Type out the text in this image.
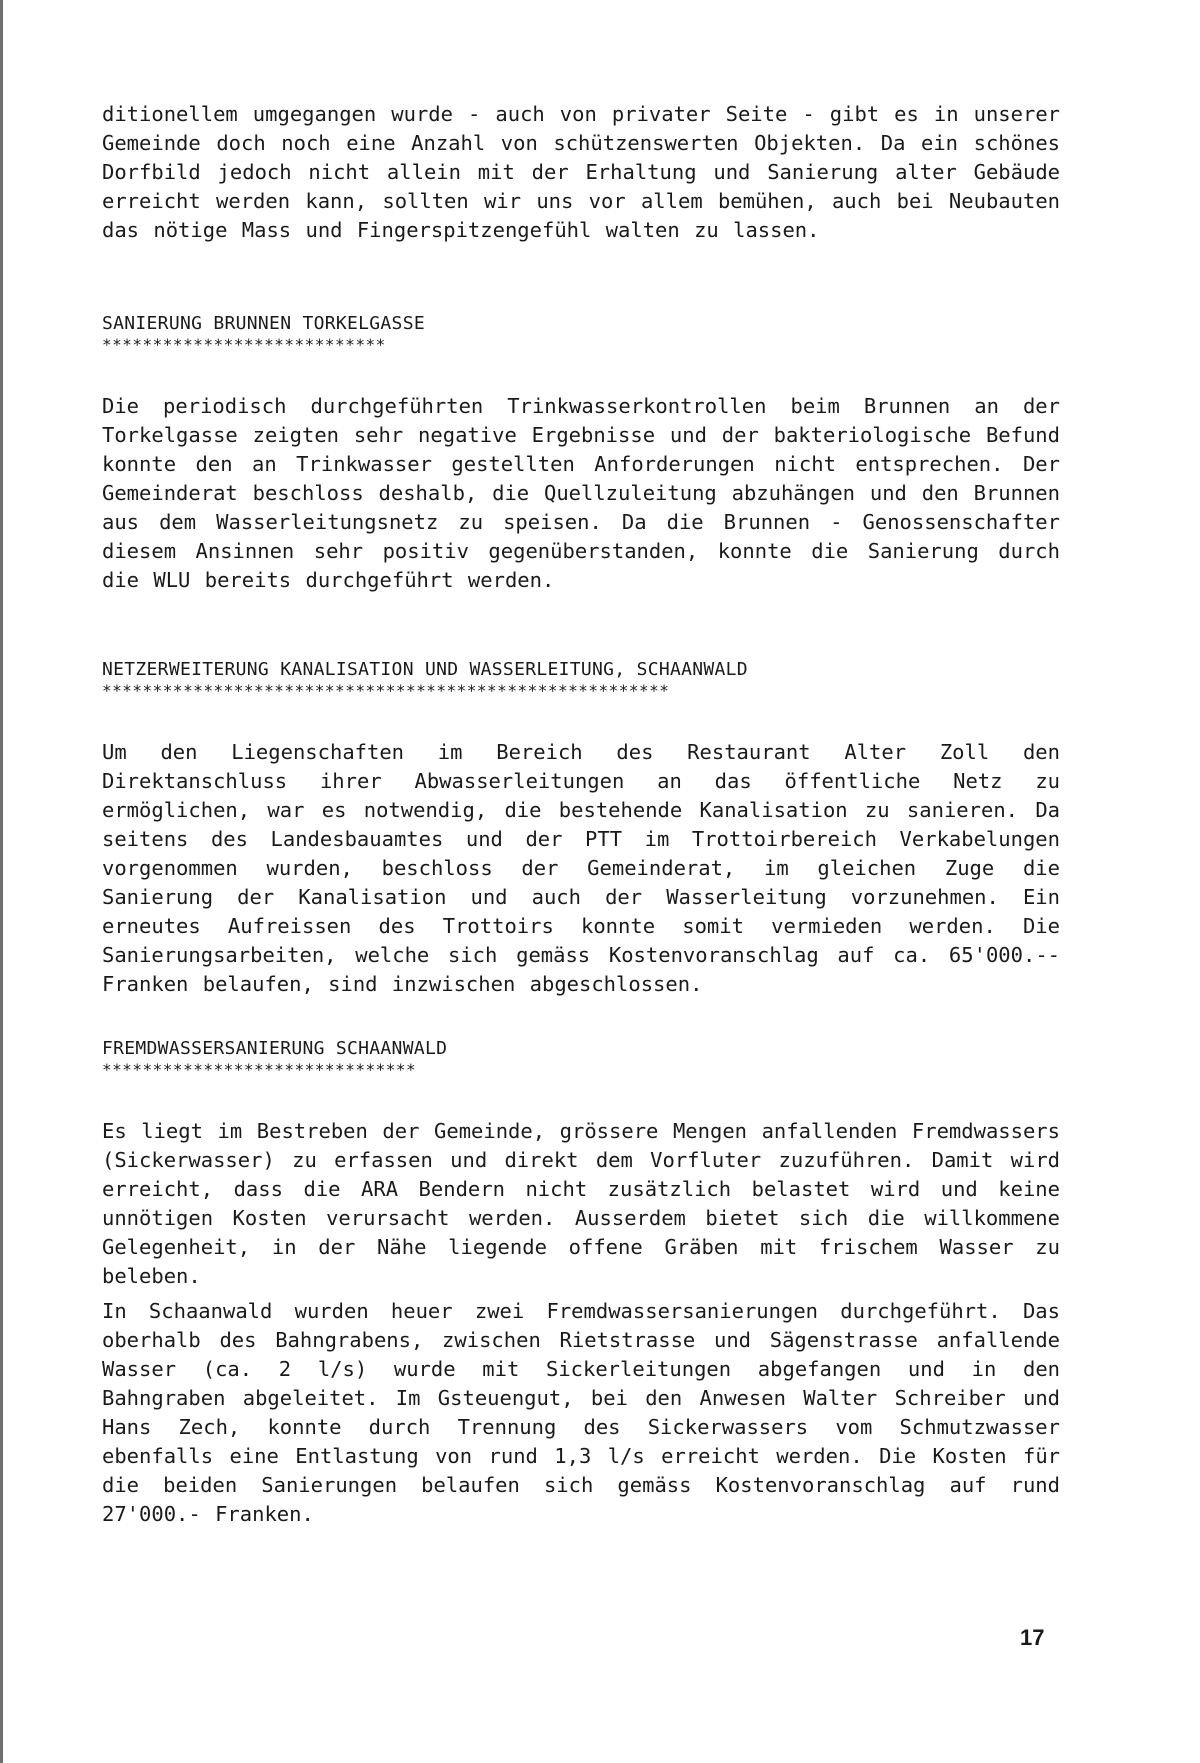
ditionellem umgegangen wurde - auch von privater Seite - gibt es in unserer Gemeinde doch noch eine Anzahl von schützenswerten Objekten. Da ein schönes Dorfbild jedoch nicht allein mit der Erhaltung und Sanierung alter Gebäude erreicht werden kann, sollten wir uns vor allem bemühen, auch bei Neubauten das nötige Mass und Fingerspitzengefühl walten zu lassen.

SANIERUNG BRUNNEN TORKELGASSE
****************************

Die periodisch durchgeführten Trinkwasserkontrollen beim Brunnen an der Torkelgasse zeigten sehr negative Ergebnisse und der bakteriologische Befund konnte den an Trinkwasser gestellten Anforderungen nicht entsprechen. Der Gemeinderat beschloss deshalb, die Quellzuleitung abzuhängen und den Brunnen aus dem Wasserleitungsnetz zu speisen. Da die Brunnen - Genossenschafter diesem Ansinnen sehr positiv gegenüberstanden, konnte die Sanierung durch die WLU bereits durchgeführt werden.

NETZERWEITERUNG KANALISATION UND WASSERLEITUNG, SCHAANWALD
********************************************************

Um den Liegenschaften im Bereich des Restaurant Alter Zoll den Direktanschluss ihrer Abwasserleitungen an das öffentliche Netz zu ermöglichen, war es notwendig, die bestehende Kanalisation zu sanieren. Da seitens des Landesbauamtes und der PTT im Trottoirbereich Verkabelungen vorgenommen wurden, beschloss der Gemeinderat, im gleichen Zuge die Sanierung der Kanalisation und auch der Wasserleitung vorzunehmen. Ein erneutes Aufreissen des Trottoirs konnte somit vermieden werden. Die Sanierungsarbeiten, welche sich gemäss Kostenvoranschlag auf ca. 65'000.-- Franken belaufen, sind inzwischen abgeschlossen.

FREMDWASSERSANIERUNG SCHAANWALD
*******************************

Es liegt im Bestreben der Gemeinde, grössere Mengen anfallenden Fremdwassers (Sickerwasser) zu erfassen und direkt dem Vorfluter zuzuführen. Damit wird erreicht, dass die ARA Bendern nicht zusätzlich belastet wird und keine unnötigen Kosten verursacht werden. Ausserdem bietet sich die willkommene Gelegenheit, in der Nähe liegende offene Gräben mit frischem Wasser zu beleben.

In Schaanwald wurden heuer zwei Fremdwassersanierungen durchgeführt. Das oberhalb des Bahngrabens, zwischen Rietstrasse und Sägenstrasse anfallende Wasser (ca. 2 l/s) wurde mit Sickerleitungen abgefangen und in den Bahngraben abgeleitet. Im Gsteuengut, bei den Anwesen Walter Schreiber und Hans Zech, konnte durch Trennung des Sickerwassers vom Schmutzwasser ebenfalls eine Entlastung von rund 1,3 l/s erreicht werden. Die Kosten für die beiden Sanierungen belaufen sich gemäss Kostenvoranschlag auf rund 27'000.- Franken.

17
